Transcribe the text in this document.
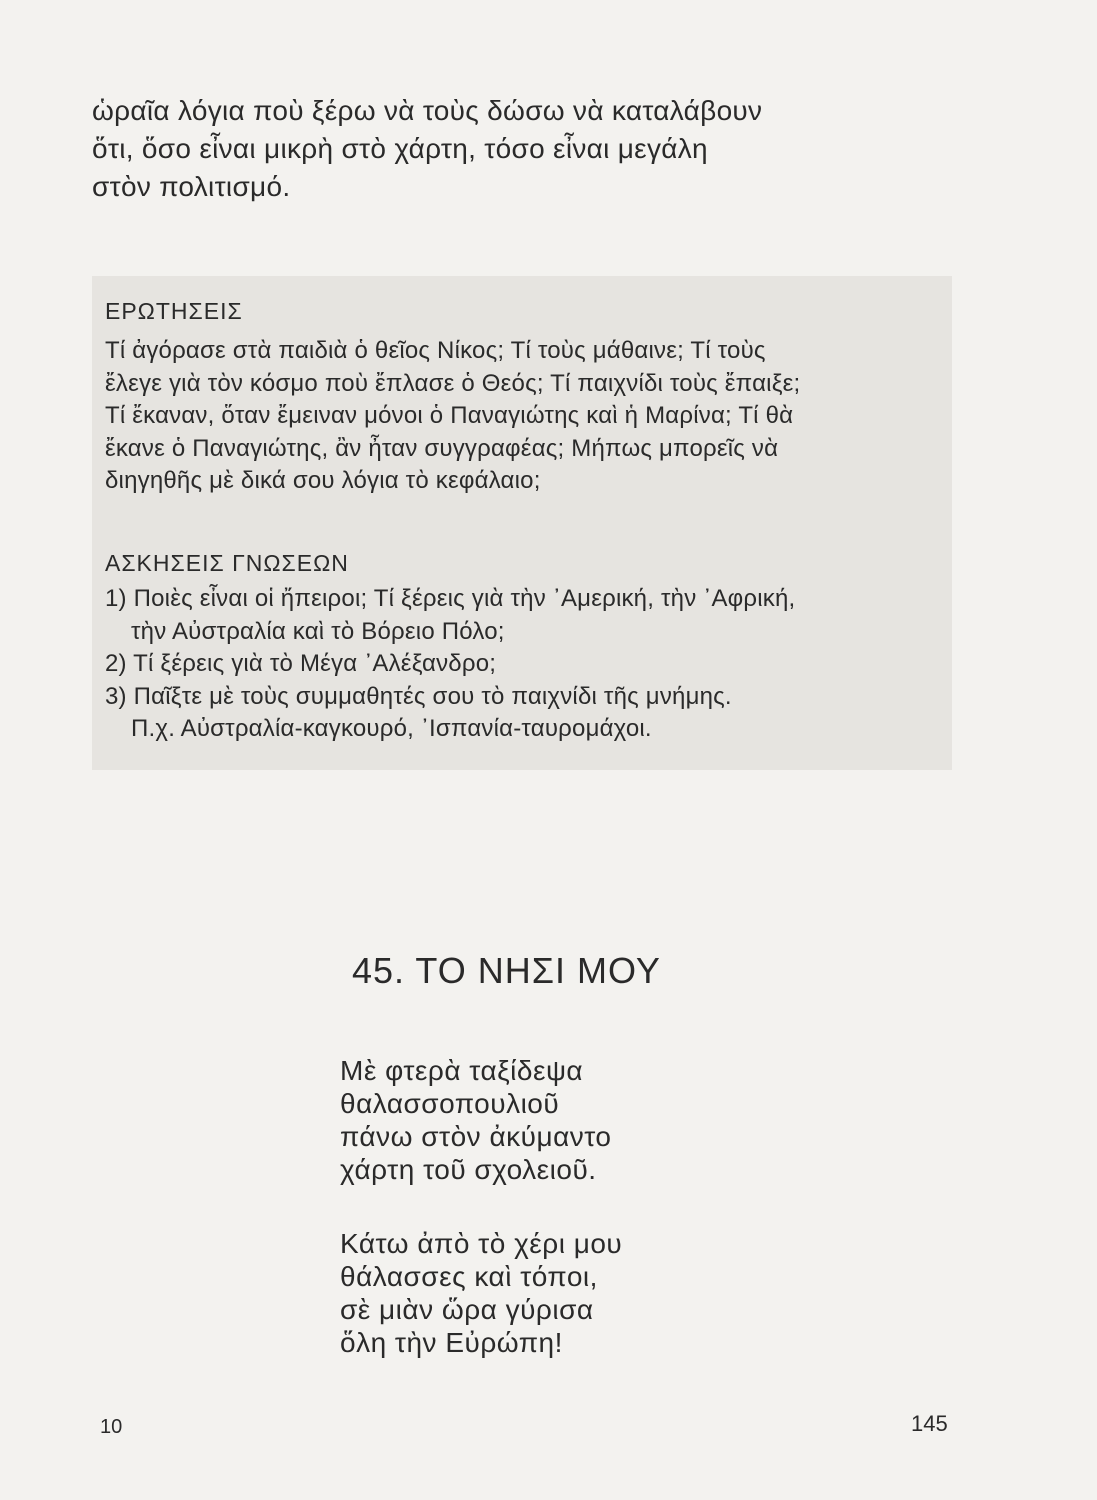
ὡραῖα λόγια ποὺ ξέρω νὰ τοὺς δώσω νὰ καταλάβουν
ὅτι, ὅσο εἶναι μικρὴ στὸ χάρτη, τόσο εἶναι μεγάλη
στὸν πολιτισμό.
ΕΡΩΤΗΣΕΙΣ
Τί ἀγόρασε στὰ παιδιὰ ὁ θεῖος Νίκος; Τί τοὺς μάθαινε; Τί τοὺς
ἔλεγε γιὰ τὸν κόσμο ποὺ ἔπλασε ὁ Θεός; Τί παιχνίδι τοὺς ἔπαιξε;
Τί ἔκαναν, ὅταν ἔμειναν μόνοι ὁ Παναγιώτης καὶ ἡ Μαρίνα; Τί θὰ
ἔκανε ὁ Παναγιώτης, ἂν ἦταν συγγραφέας; Μήπως μπορεῖς νὰ
διηγηθῆς μὲ δικά σου λόγια τὸ κεφάλαιο;
ΑΣΚΗΣΕΙΣ ΓΝΩΣΕΩΝ
1) Ποιὲς εἶναι οἱ ἤπειροι; Τί ξέρεις γιὰ τὴν ᾿Αμερική, τὴν ᾿Αφρική,
τὴν Αὐστραλία καὶ τὸ Βόρειο Πόλο;
2) Τί ξέρεις γιὰ τὸ Μέγα ᾿Αλέξανδρο;
3) Παῖξτε μὲ τοὺς συμμαθητές σου τὸ παιχνίδι τῆς μνήμης.
Π.χ. Αὐστραλία-καγκουρό, ᾿Ισπανία-ταυρομάχοι.
45. ΤΟ ΝΗΣΙ ΜΟΥ
Μὲ φτερὰ ταξίδεψα
θαλασσοπουλιοῦ
πάνω στὸν ἀκύμαντο
χάρτη τοῦ σχολειοῦ.
Κάτω ἀπὸ τὸ χέρι μου
θάλασσες καὶ τόποι,
σὲ μιὰν ὥρα γύρισα
ὅλη τὴν Εὐρώπη!
10	145
